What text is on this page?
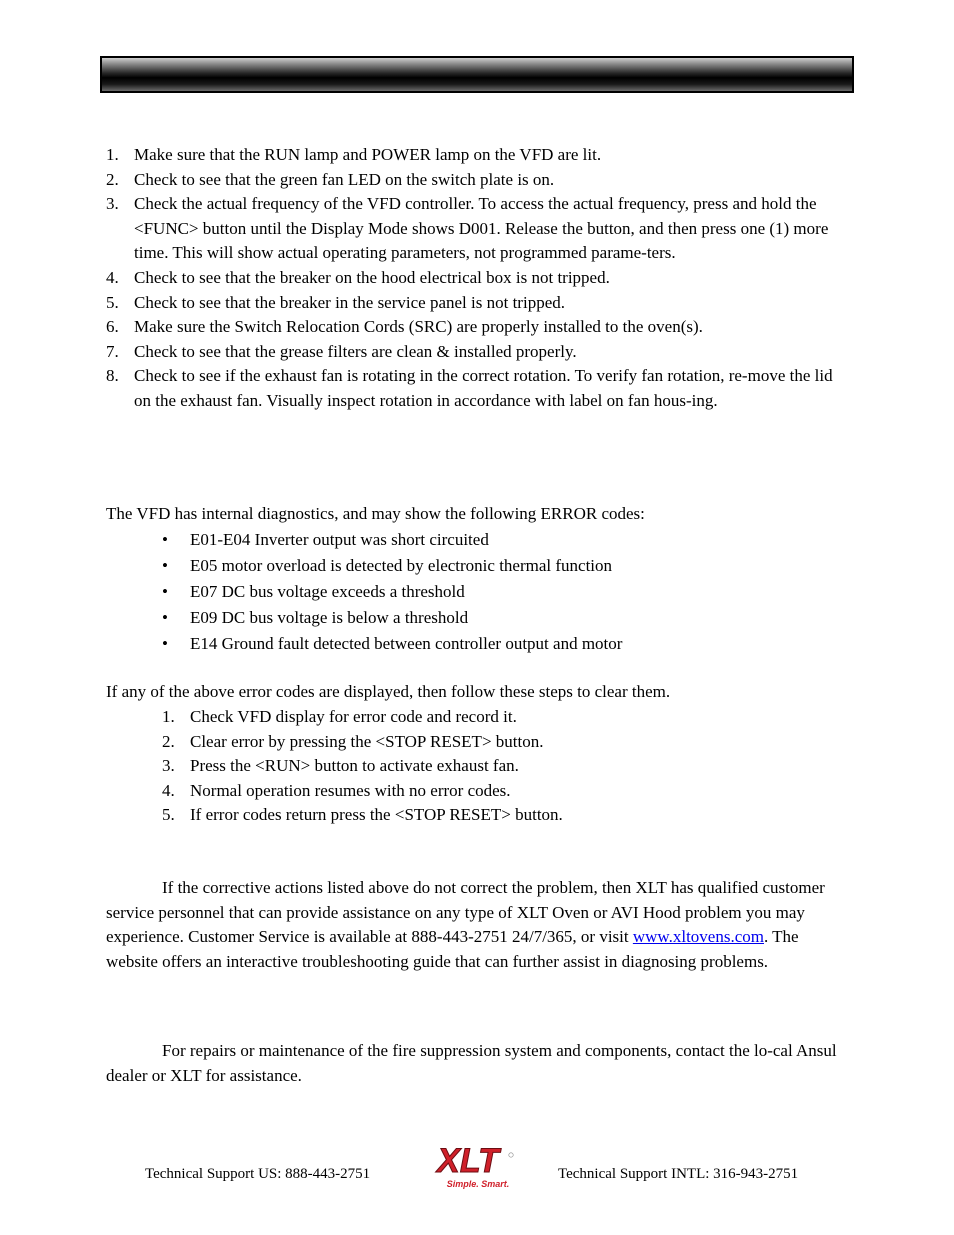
1. Make sure that the RUN lamp and POWER lamp on the VFD are lit.
2. Check to see that the green fan LED on the switch plate is on.
3. Check the actual frequency of the VFD controller. To access the actual frequency, press and hold the <FUNC> button until the Display Mode shows D001. Release the button, and then press one (1) more time. This will show actual operating parameters, not programmed parame-ters.
4. Check to see that the breaker on the hood electrical box is not tripped.
5. Check to see that the breaker in the service panel is not tripped.
6. Make sure the Switch Relocation Cords (SRC) are properly installed to the oven(s).
7. Check to see that the grease filters are clean & installed properly.
8. Check to see if the exhaust fan is rotating in the correct rotation. To verify fan rotation, re-move the lid on the exhaust fan. Visually inspect rotation in accordance with label on fan hous-ing.

The VFD has internal diagnostics, and may show the following ERROR codes:

• E01-E04 Inverter output was short circuited
• E05 motor overload is detected by electronic thermal function
• E07 DC bus voltage exceeds a threshold
• E09 DC bus voltage is below a threshold
• E14 Ground fault detected between controller output and motor

If any of the above error codes are displayed, then follow these steps to clear them.

1. Check VFD display for error code and record it.
2. Clear error by pressing the <STOP RESET> button.
3. Press the <RUN> button to activate exhaust fan.
4. Normal operation resumes with no error codes.
5. If error codes return press the <STOP RESET> button.

If the corrective actions listed above do not correct the problem, then XLT has qualified customer service personnel that can provide assistance on any type of XLT Oven or AVI Hood problem you may experience. Customer Service is available at 888-443-2751 24/7/365, or visit www.xltovens.com. The website offers an interactive troubleshooting guide that can further assist in diagnosing problems.

For repairs or maintenance of the fire suppression system and components, contact the lo-cal Ansul dealer or XLT for assistance.

Technical Support US: 888-443-2751 XLT
Simple. Smart.
Technical Support INTL: 316-943-2751
